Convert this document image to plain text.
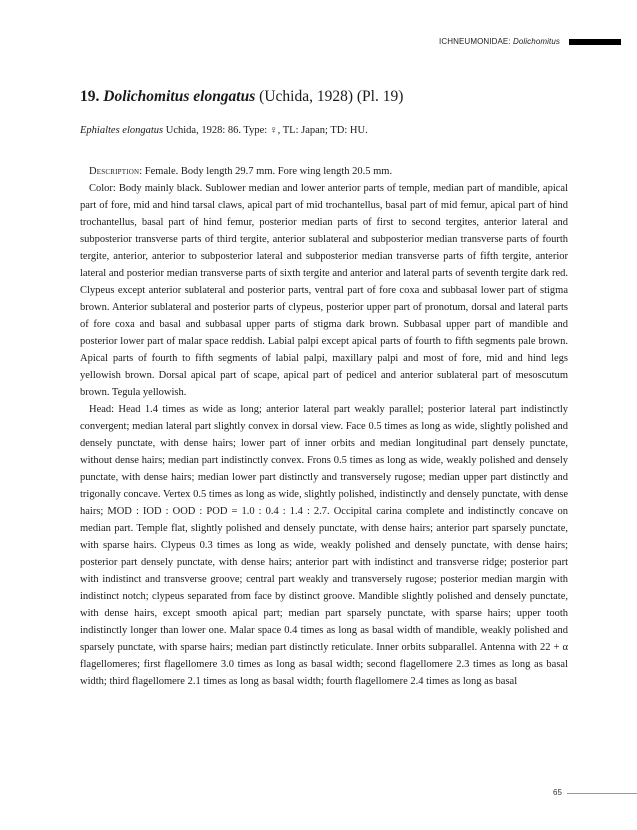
ICHNEUMONIDAE: Dolichomitus
19. Dolichomitus elongatus (Uchida, 1928) (Pl. 19)
Ephialtes elongatus Uchida, 1928: 86. Type: ♀, TL: Japan; TD: HU.

Description: Female. Body length 29.7 mm. Fore wing length 20.5 mm.

Color: Body mainly black. Sublower median and lower anterior parts of temple, median part of mandible, apical part of fore, mid and hind tarsal claws, apical part of mid trochantellus, basal part of mid femur, apical part of hind trochantellus, basal part of hind femur, posterior median parts of first to second tergites, anterior lateral and subposterior transverse parts of third tergite, anterior sublateral and subposterior median transverse parts of fourth tergite, anterior, anterior to subposterior lateral and subposterior median transverse parts of fifth tergite, anterior lateral and posterior median transverse parts of sixth tergite and anterior and lateral parts of seventh tergite dark red. Clypeus except anterior sublateral and posterior parts, ventral part of fore coxa and subbasal lower part of stigma brown. Anterior sublateral and posterior parts of clypeus, posterior upper part of pronotum, dorsal and lateral parts of fore coxa and basal and subbasal upper parts of stigma dark brown. Subbasal upper part of mandible and posterior lower part of malar space reddish. Labial palpi except apical parts of fourth to fifth segments pale brown. Apical parts of fourth to fifth segments of labial palpi, maxillary palpi and most of fore, mid and hind legs yellowish brown. Dorsal apical part of scape, apical part of pedicel and anterior sublateral part of mesoscutum brown. Tegula yellowish.

Head: Head 1.4 times as wide as long; anterior lateral part weakly parallel; posterior lateral part indistinctly convergent; median lateral part slightly convex in dorsal view. Face 0.5 times as long as wide, slightly polished and densely punctate, with dense hairs; lower part of inner orbits and median longitudinal part densely punctate, without dense hairs; median part indistinctly convex. Frons 0.5 times as long as wide, weakly polished and densely punctate, with dense hairs; median lower part distinctly and transversely rugose; median upper part distinctly and trigonally concave. Vertex 0.5 times as long as wide, slightly polished, indistinctly and densely punctate, with dense hairs; MOD : IOD : OOD : POD = 1.0 : 0.4 : 1.4 : 2.7. Occipital carina complete and indistinctly concave on median part. Temple flat, slightly polished and densely punctate, with dense hairs; anterior part sparsely punctate, with sparse hairs. Clypeus 0.3 times as long as wide, weakly polished and densely punctate, with dense hairs; posterior part densely punctate, with dense hairs; anterior part with indistinct and transverse ridge; posterior part with indistinct and transverse groove; central part weakly and transversely rugose; posterior median margin with indistinct notch; clypeus separated from face by distinct groove. Mandible slightly polished and densely punctate, with dense hairs, except smooth apical part; median part sparsely punctate, with sparse hairs; upper tooth indistinctly longer than lower one. Malar space 0.4 times as long as basal width of mandible, weakly polished and sparsely punctate, with sparse hairs; median part distinctly reticulate. Inner orbits subparallel. Antenna with 22 + α flagellomeres; first flagellomere 3.0 times as long as basal width; second flagellomere 2.3 times as long as basal width; third flagellomere 2.1 times as long as basal width; fourth flagellomere 2.4 times as long as basal

65
